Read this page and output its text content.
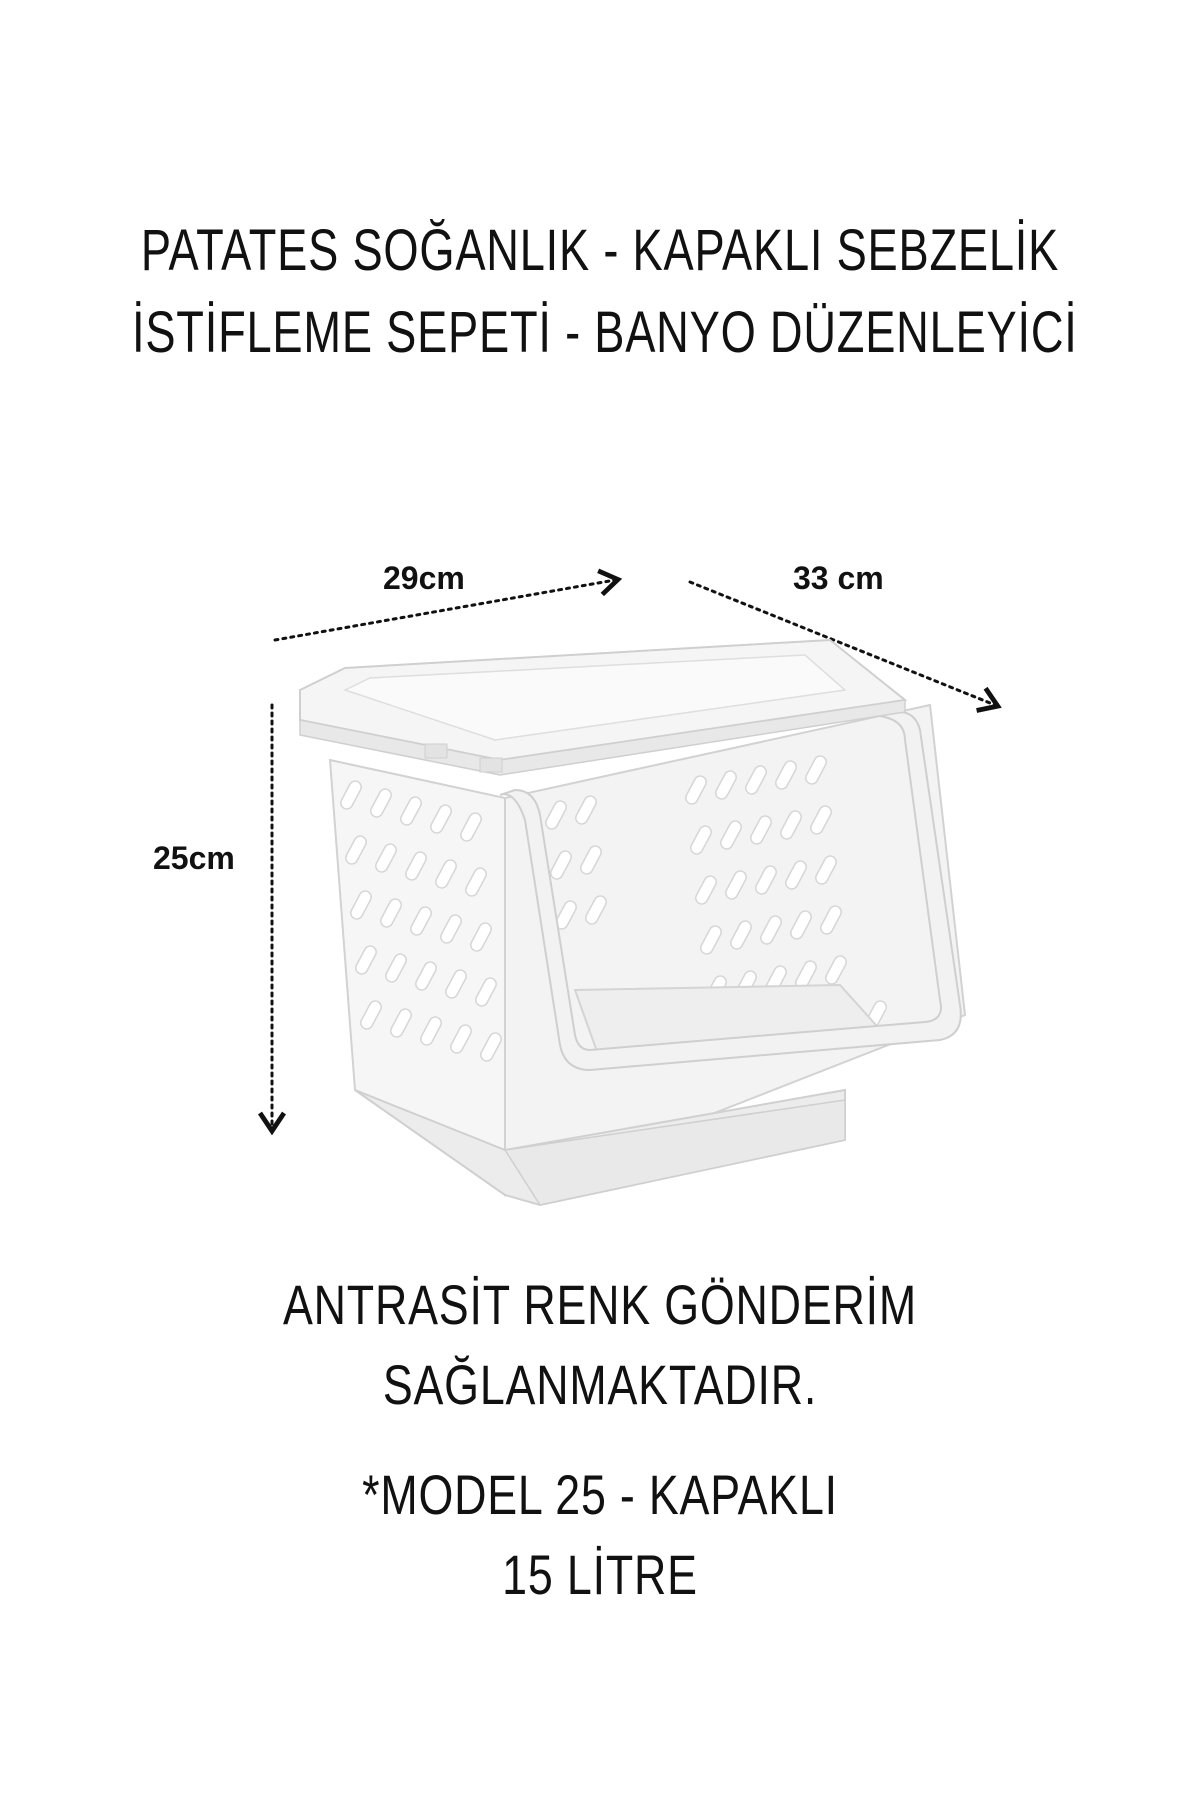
PATATES SOĞANLIK - KAPAKLI SEBZELİK
İSTİFLEME SEPETİ - BANYO DÜZENLEYİCİ
29cm	33 cm
25cm
ANTRASİT RENK GÖNDERİM
SAĞLANMAKTADIR.
*MODEL 25 - KAPAKLI
15 LİTRE
